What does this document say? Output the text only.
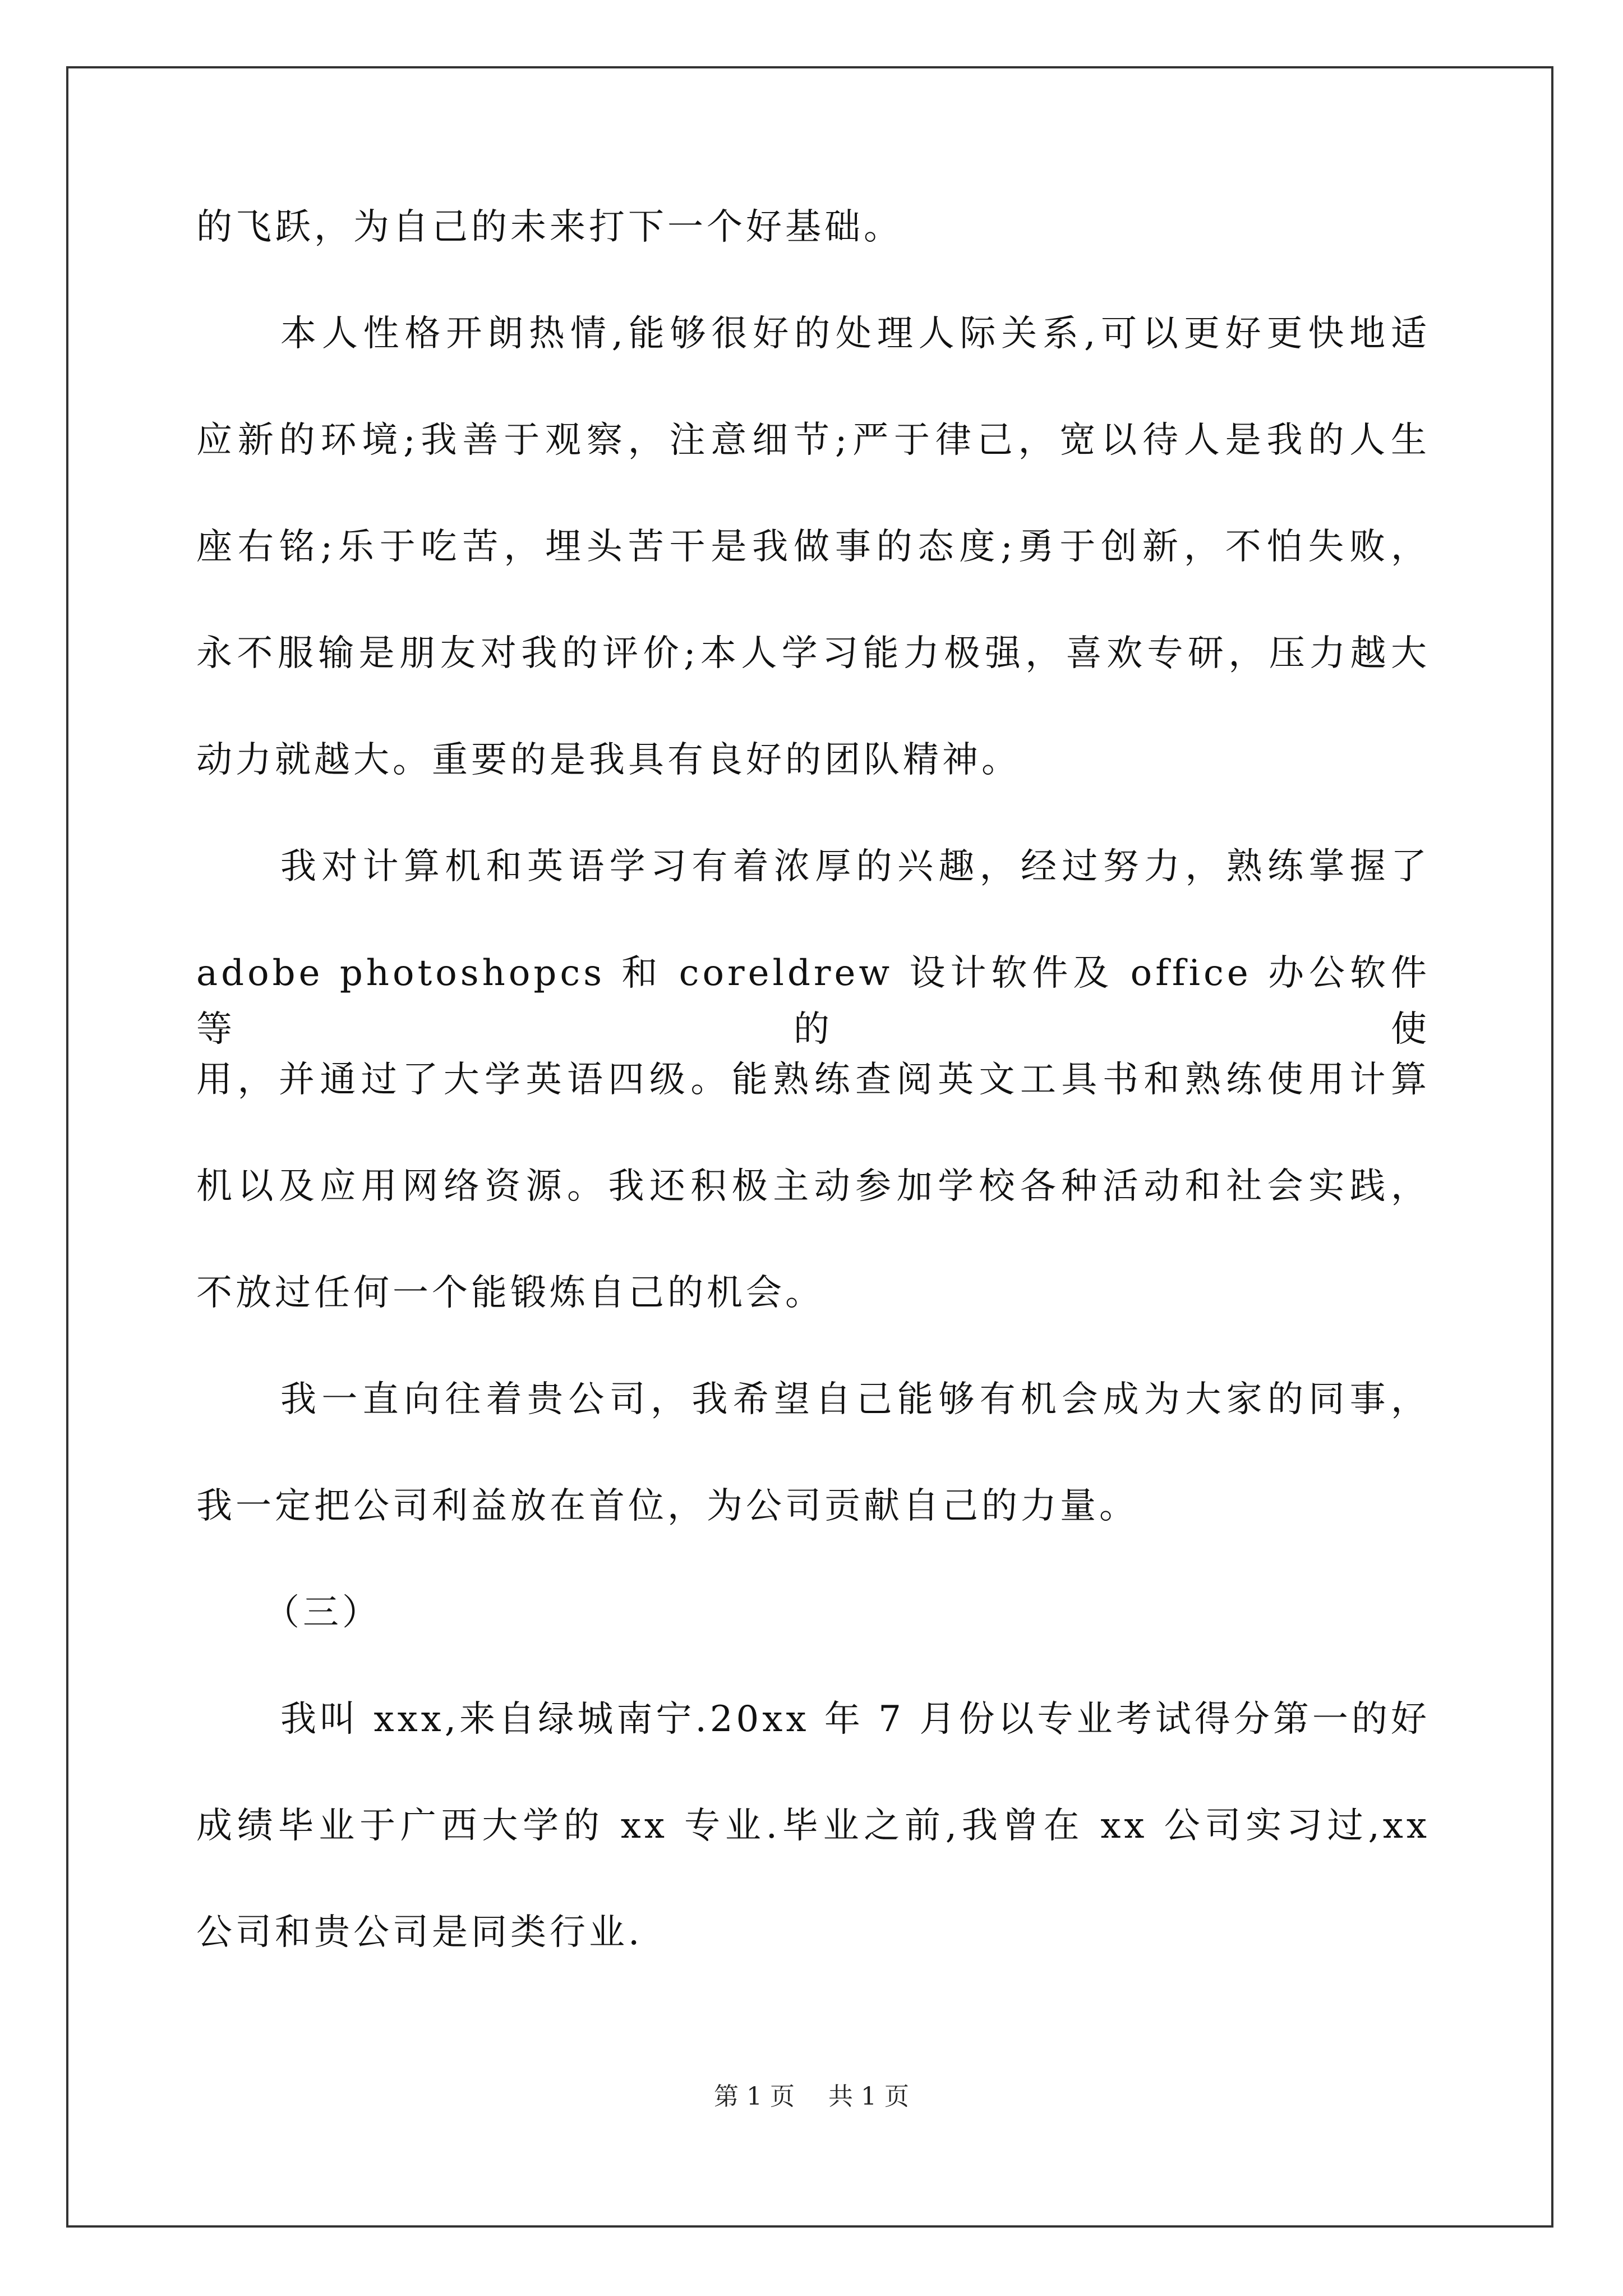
的飞跃，为自己的未来打下一个好基础。
本人性格开朗热情,能够很好的处理人际关系,可以更好更快地适
应新的环境;我善于观察，注意细节;严于律己，宽以待人是我的人生
座右铭;乐于吃苦，埋头苦干是我做事的态度;勇于创新，不怕失败，
永不服输是朋友对我的评价;本人学习能力极强，喜欢专研，压力越大
动力就越大。重要的是我具有良好的团队精神。
我对计算机和英语学习有着浓厚的兴趣，经过努力，熟练掌握了
adobe photoshopcs 和 coreldrew 设计软件及 office 办公软件等的使
用，并通过了大学英语四级。能熟练查阅英文工具书和熟练使用计算
机以及应用网络资源。我还积极主动参加学校各种活动和社会实践，
不放过任何一个能锻炼自己的机会。
我一直向往着贵公司，我希望自己能够有机会成为大家的同事，
我一定把公司利益放在首位，为公司贡献自己的力量。
（三）
我叫 xxx,来自绿城南宁.20xx 年 7 月份以专业考试得分第一的好
成绩毕业于广西大学的 xx 专业.毕业之前,我曾在 xx 公司实习过,xx
公司和贵公司是同类行业.
第 1 页 共 1 页
